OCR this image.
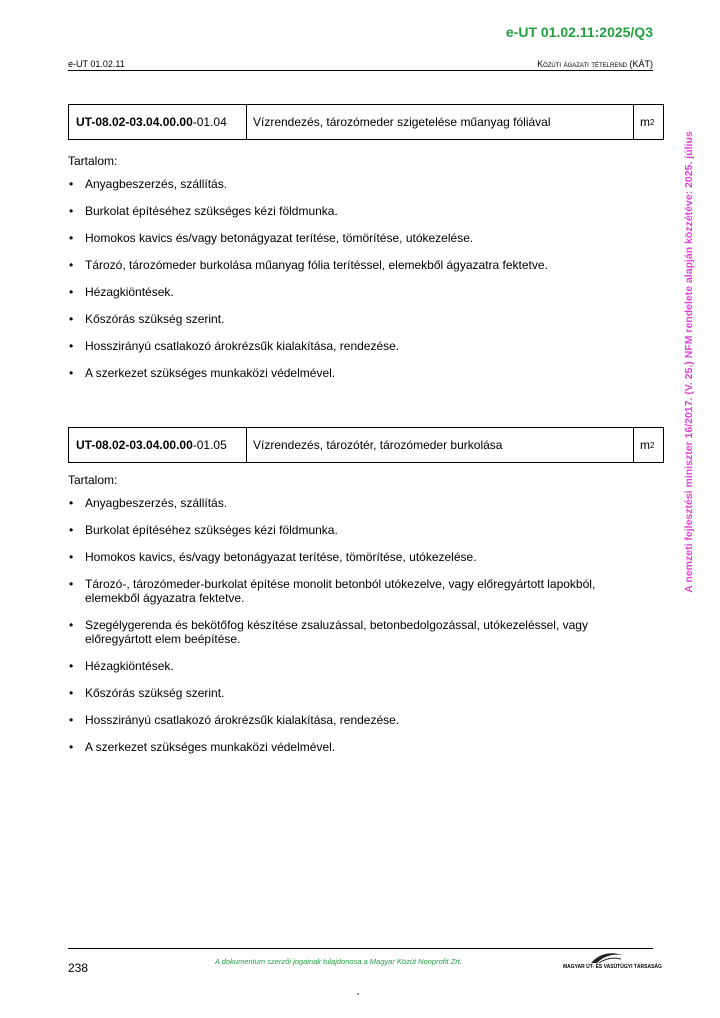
e-UT 01.02.11:2025/Q3
e-UT 01.02.11	Közúti ágazati tételrend (KÁT)
UT-08.02-03.04.00.00 -01.04	Vízrendezés, tározómeder szigetelése műanyag fóliával	m 2

Tartalom:

• Anyagbeszerzés, szállítás.
• Burkolat építéséhez szükséges kézi földmunka.
• Homokos kavics és/vagy betonágyazat terítése, tömörítése, utókezelése.
• Tározó, tározómeder burkolása műanyag fólia terítéssel, elemekből ágyazatra fektetve.
• Hézagkiöntések.
• Kőszórás szükség szerint.
• Hosszirányú csatlakozó árokrézsűk kialakítása, rendezése.
• A szerkezet szükséges munkaközi védelmével.
UT-08.02-03.04.00.00 -01.05	Vízrendezés, tározótér, tározómeder burkolása	m 2

Tartalom:

• Anyagbeszerzés, szállítás.
• Burkolat építéséhez szükséges kézi földmunka.
• Homokos kavics, és/vagy betonágyazat terítése, tömörítése, utókezelése.
• Tározó-, tározómeder-burkolat építése monolit betonból utókezelve, vagy előregyártott lapokból, elemekből ágyazatra fektetve.
• Szegélygerenda és bekötőfog készítése zsaluzással, betonbedolgozással, utókezeléssel, vagy előregyártott elem beépítése.
• Hézagkiöntések.
• Kőszórás szükség szerint.
• Hosszirányú csatlakozó árokrézsűk kialakítása, rendezése.
• A szerkezet szükséges munkaközi védelmével.
A nemzeti fejlesztési miniszter 16/2017. (V. 25.) NFM rendelete alapján közzétéve: 2025. július
238	A dokumentum szerzői jogainak tulajdonosa a Magyar Közút Nonprofit Zrt.
MAGYAR ÚT- ÉS VASÚTÜGYI TÁRSASÁG
